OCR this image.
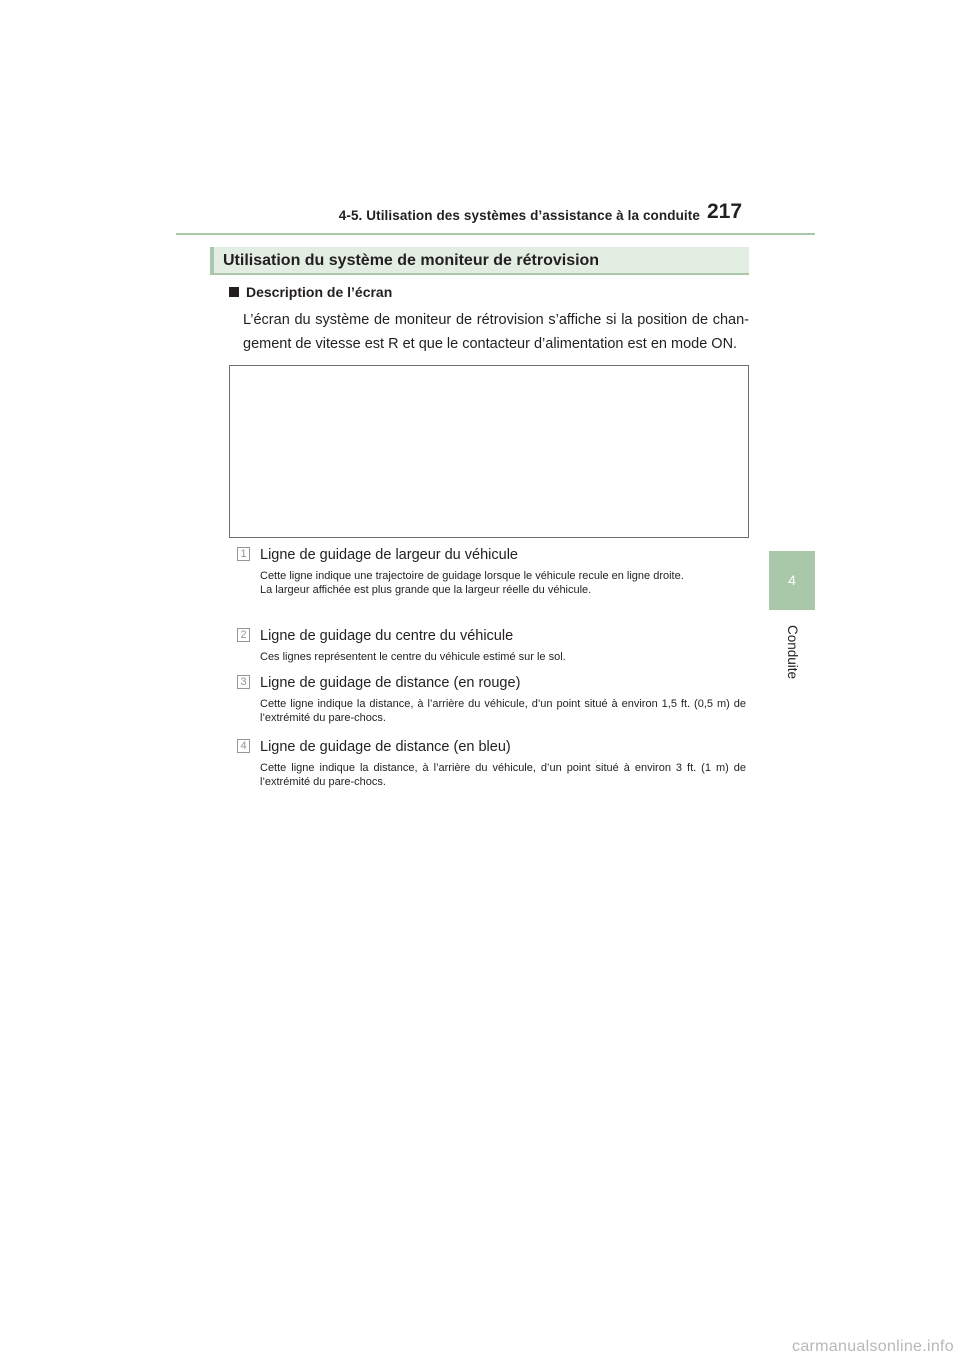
4-5. Utilisation des systèmes d’assistance à la conduite 217
4
Conduite
Utilisation du système de moniteur de rétrovision
Description de l’écran
L’écran du système de moniteur de rétrovision s’affiche si la position de chan-gement de vitesse est R et que le contacteur d’alimentation est en mode ON.
1 Ligne de guidage de largeur du véhicule
Cette ligne indique une trajectoire de guidage lorsque le véhicule recule en ligne droite.
La largeur affichée est plus grande que la largeur réelle du véhicule.
2 Ligne de guidage du centre du véhicule
Ces lignes représentent le centre du véhicule estimé sur le sol.
3 Ligne de guidage de distance (en rouge)
Cette ligne indique la distance, à l’arrière du véhicule, d’un point situé à environ 1,5 ft. (0,5 m) de l’extrémité du pare-chocs.
4 Ligne de guidage de distance (en bleu)
Cette ligne indique la distance, à l’arrière du véhicule, d’un point situé à environ 3 ft. (1 m) de l’extrémité du pare-chocs.
carmanualsonline.info
